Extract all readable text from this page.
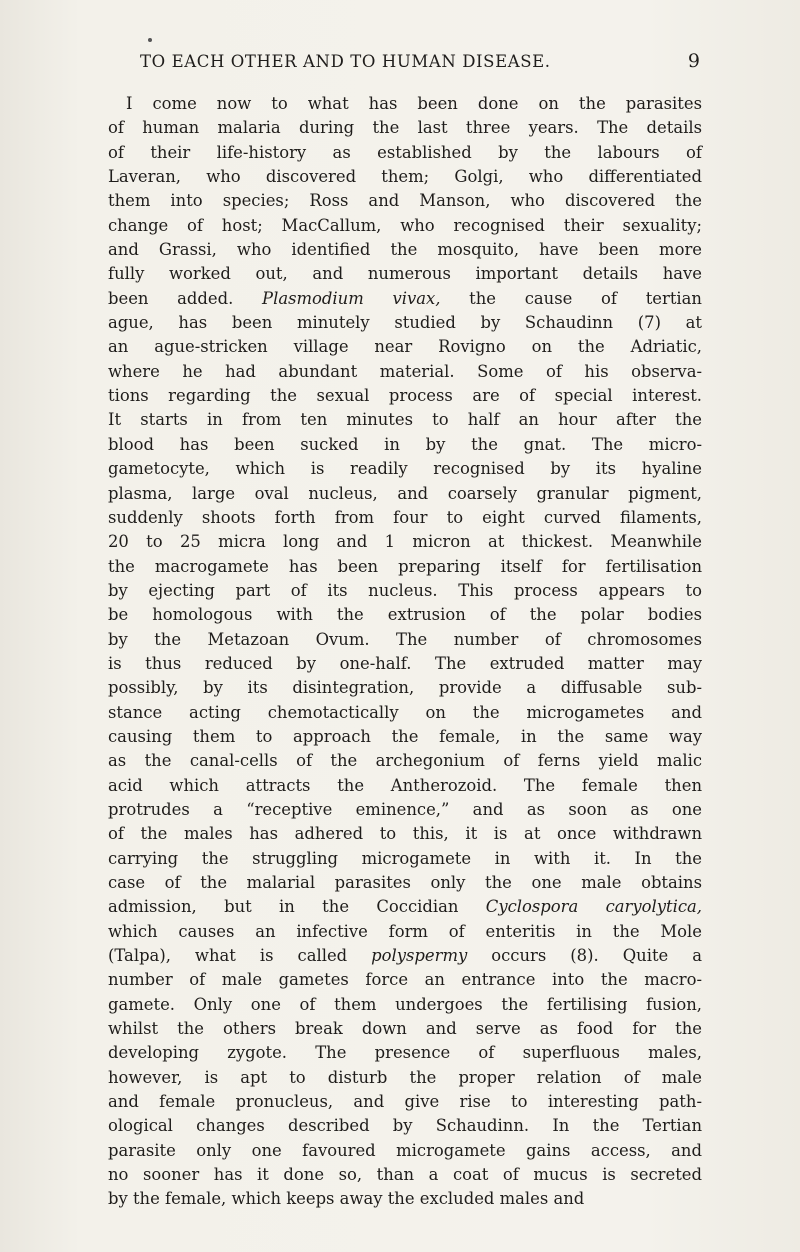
TO EACH OTHER AND TO HUMAN DISEASE.	9

I come now to what has been done on the parasites
of human malaria during the last three years. The details
of their life-history as established by the labours of
Laveran, who discovered them; Golgi, who differentiated
them into species; Ross and Manson, who discovered the
change of host; MacCallum, who recognised their sexuality;
and Grassi, who identified the mosquito, have been more
fully worked out, and numerous important details have
been added. Plasmodium vivax, the cause of tertian
ague, has been minutely studied by Schaudinn (7) at
an ague-stricken village near Rovigno on the Adriatic,
where he had abundant material. Some of his observa-
tions regarding the sexual process are of special interest.
It starts in from ten minutes to half an hour after the
blood has been sucked in by the gnat. The micro-
gametocyte, which is readily recognised by its hyaline
plasma, large oval nucleus, and coarsely granular pigment,
suddenly shoots forth from four to eight curved filaments,
20 to 25 micra long and 1 micron at thickest. Meanwhile
the macrogamete has been preparing itself for fertilisation
by ejecting part of its nucleus. This process appears to
be homologous with the extrusion of the polar bodies
by the Metazoan Ovum. The number of chromosomes
is thus reduced by one-half. The extruded matter may
possibly, by its disintegration, provide a diffusable sub-
stance acting chemotactically on the microgametes and
causing them to approach the female, in the same way
as the canal-cells of the archegonium of ferns yield malic
acid which attracts the Antherozoid. The female then
protrudes a “receptive eminence,” and as soon as one
of the males has adhered to this, it is at once withdrawn
carrying the struggling microgamete in with it. In the
case of the malarial parasites only the one male obtains
admission, but in the Coccidian Cyclospora caryolytica,
which causes an infective form of enteritis in the Mole
(Talpa), what is called polyspermy occurs (8). Quite a
number of male gametes force an entrance into the macro-
gamete. Only one of them undergoes the fertilising fusion,
whilst the others break down and serve as food for the
developing zygote. The presence of superfluous males,
however, is apt to disturb the proper relation of male
and female pronucleus, and give rise to interesting path-
ological changes described by Schaudinn. In the Tertian
parasite only one favoured microgamete gains access, and
no sooner has it done so, than a coat of mucus is secreted
by the female, which keeps away the excluded males and
